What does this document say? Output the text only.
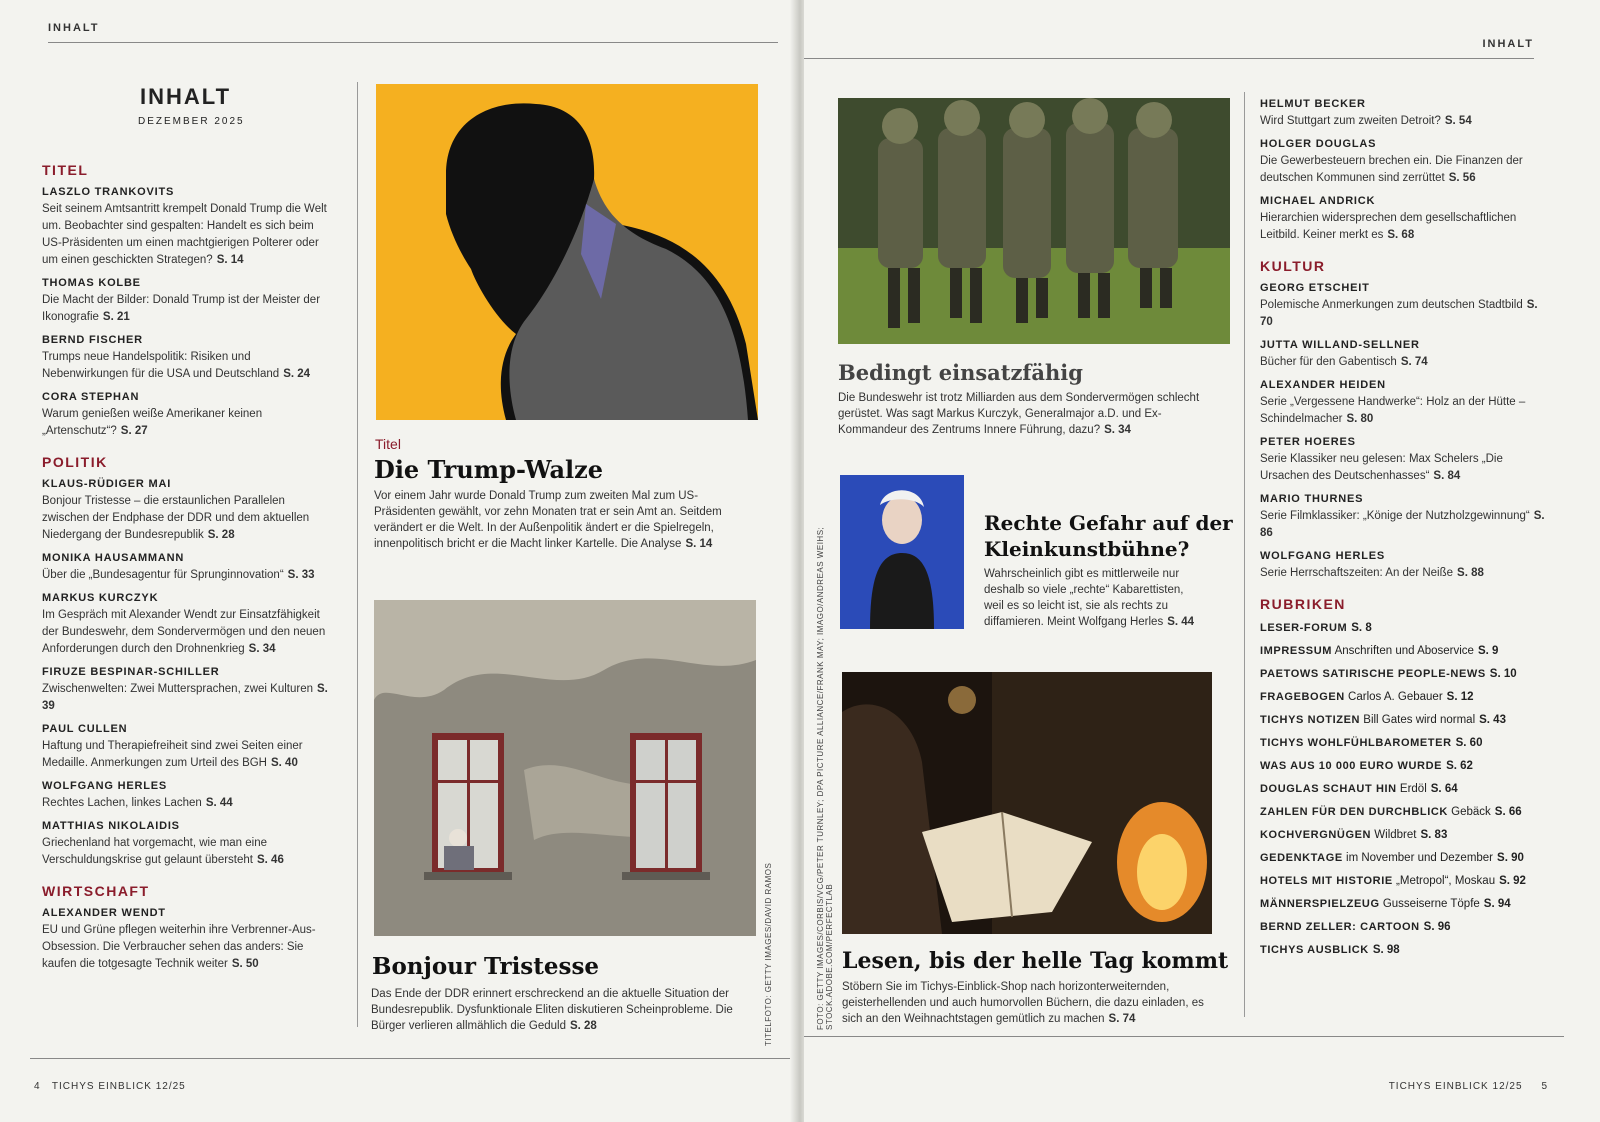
INHALT
INHALT
DEZEMBER 2025
TITEL
LASZLO TRANKOVITS
Seit seinem Amtsantritt krempelt Donald Trump die Welt um. Beobachter sind gespalten: Handelt es sich beim US-Präsidenten um einen machtgierigen Polterer oder um einen geschickten Strategen? S. 14
THOMAS KOLBE
Die Macht der Bilder: Donald Trump ist der Meister der Ikonografie S. 21
BERND FISCHER
Trumps neue Handelspolitik: Risiken und Nebenwirkungen für die USA und Deutschland S. 24
CORA STEPHAN
Warum genießen weiße Amerikaner keinen „Artenschutz“? S. 27
POLITIK
KLAUS-RÜDIGER MAI
Bonjour Tristesse – die erstaunlichen Parallelen zwischen der Endphase der DDR und dem aktuellen Niedergang der Bundesrepublik S. 28
MONIKA HAUSAMMANN
Über die „Bundesagentur für Sprunginnovation“ S. 33
MARKUS KURCZYK
Im Gespräch mit Alexander Wendt zur Einsatzfähigkeit der Bundeswehr, dem Sondervermögen und den neuen Anforderungen durch den Drohnenkrieg S. 34
FIRUZE BESPINAR-SCHILLER
Zwischenwelten: Zwei Muttersprachen, zwei Kulturen S. 39
PAUL CULLEN
Haftung und Therapiefreiheit sind zwei Seiten einer Medaille. Anmerkungen zum Urteil des BGH S. 40
WOLFGANG HERLES
Rechtes Lachen, linkes Lachen S. 44
MATTHIAS NIKOLAIDIS
Griechenland hat vorgemacht, wie man eine Verschuldungskrise gut gelaunt übersteht S. 46
WIRTSCHAFT
ALEXANDER WENDT
EU und Grüne pflegen weiterhin ihre Verbrenner-Aus-Obsession. Die Verbraucher sehen das anders: Sie kaufen die totgesagte Technik weiter S. 50
Titel
Die Trump-Walze
Vor einem Jahr wurde Donald Trump zum zweiten Mal zum US-Präsidenten gewählt, vor zehn Monaten trat er sein Amt an. Seitdem verändert er die Welt. In der Außenpolitik ändert er die Spielregeln, innenpolitisch bricht er die Macht linker Kartelle. Die Analyse S. 14
Bonjour Tristesse
Das Ende der DDR erinnert erschreckend an die aktuelle Situation der Bundesrepublik. Dysfunktionale Eliten diskutieren Scheinprobleme. Die Bürger verlieren allmählich die Geduld S. 28	TITELFOTO: GETTY IMAGES/DAVID RAMOS
4 TICHYS EINBLICK 12/25
INHALT
Bedingt einsatzfähig
Die Bundeswehr ist trotz Milliarden aus dem Sondervermögen schlecht gerüstet. Was sagt Markus Kurczyk, Generalmajor a.D. und Ex-Kommandeur des Zentrums Innere Führung, dazu? S. 34
Rechte Gefahr auf der Kleinkunstbühne?
Wahrscheinlich gibt es mittlerweile nur deshalb so viele „rechte“ Kabarettisten, weil es so leicht ist, sie als rechts zu diffamieren. Meint Wolfgang Herles S. 44
Lesen, bis der helle Tag kommt
Stöbern Sie im Tichys-Einblick-Shop nach horizonterweiternden, geisterhellenden und auch humorvollen Büchern, die dazu einladen, es sich an den Weihnachtstagen gemütlich zu machen S. 74
FOTO: GETTY IMAGES/CORBIS/VCG/PETER TURNLEY; DPA PICTURE ALLIANCE/FRANK MAY; IMAGO/ANDREAS WEIHS; STOCK.ADOBE.COM/PERFECTLAB
HELMUT BECKER
Wird Stuttgart zum zweiten Detroit? S. 54
HOLGER DOUGLAS
Die Gewerbesteuern brechen ein. Die Finanzen der deutschen Kommunen sind zerrüttet S. 56
MICHAEL ANDRICK
Hierarchien widersprechen dem gesellschaftlichen Leitbild. Keiner merkt es S. 68
KULTUR
GEORG ETSCHEIT
Polemische Anmerkungen zum deutschen Stadtbild S. 70
JUTTA WILLAND-SELLNER
Bücher für den Gabentisch S. 74
ALEXANDER HEIDEN
Serie „Vergessene Handwerke“: Holz an der Hütte –Schindelmacher S. 80
PETER HOERES
Serie Klassiker neu gelesen: Max Schelers „Die Ursachen des Deutschenhasses“ S. 84
MARIO THURNES
Serie Filmklassiker: „Könige der Nutzholzgewinnung“ S. 86
WOLFGANG HERLES
Serie Herrschaftszeiten: An der Neiße S. 88
RUBRIKEN
LESER-FORUM S. 8
IMPRESSUM Anschriften und Aboservice S. 9
PAETOWS SATIRISCHE PEOPLE-NEWS S. 10
FRAGEBOGEN Carlos A. Gebauer S. 12
TICHYS NOTIZEN Bill Gates wird normal S. 43
TICHYS WOHLFÜHLBAROMETER S. 60
WAS AUS 10 000 EURO WURDE S. 62
DOUGLAS SCHAUT HIN Erdöl S. 64
ZAHLEN FÜR DEN DURCHBLICK Gebäck S. 66
KOCHVERGNÜGEN Wildbret S. 83
GEDENKTAGE im November und Dezember S. 90
HOTELS MIT HISTORIE „Metropol“, Moskau S. 92
MÄNNERSPIELZEUG Gusseiserne Töpfe S. 94
BERND ZELLER: CARTOON S. 96
TICHYS AUSBLICK S. 98
TICHYS EINBLICK 12/25 5
